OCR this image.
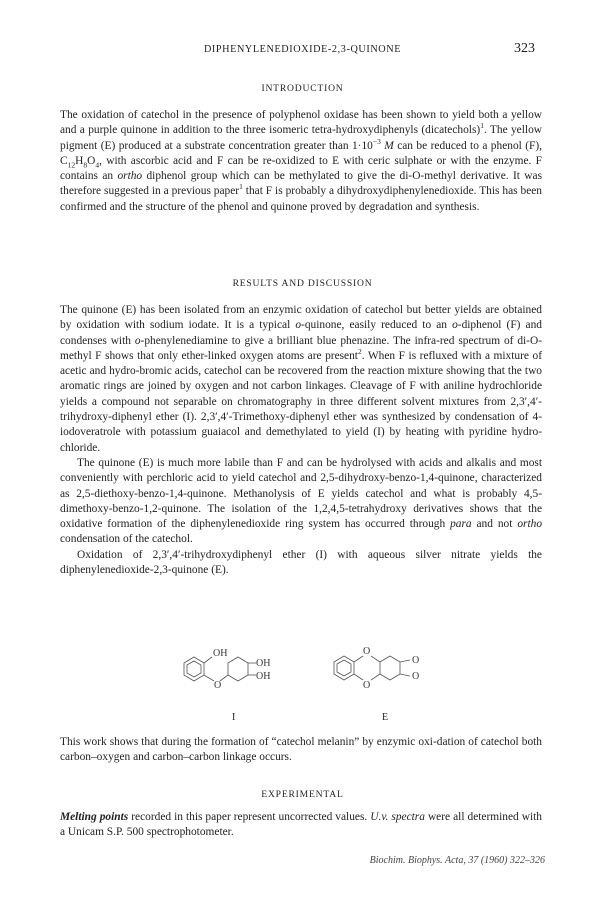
DIPHENYLENEDIOXIDE-2,3-QUINONE	323
INTRODUCTION

The oxidation of catechol in the presence of polyphenol oxidase has been shown to yield both a yellow and a purple quinone in addition to the three isomeric tetra-hydroxydiphenyls (dicatechols)$^1$. The yellow pigment (E) produced at a substrate concentration greater than $1\cdot 10^{-3}$ M can be reduced to a phenol (F), $C_{12}H_8O_4$, with ascorbic acid and F can be re-oxidized to E with ceric sulphate or with the enzyme. F contains an ortho diphenol group which can be methylated to give the di-O-methyl derivative. It was therefore suggested in a previous paper$^1$ that F is probably a dihydroxydiphenylenedioxide. This has been confirmed and the structure of the phenol and quinone proved by degradation and synthesis.

RESULTS AND DISCUSSION

The quinone (E) has been isolated from an enzymic oxidation of catechol but better yields are obtained by oxidation with sodium iodate. It is a typical o-quinone, easily reduced to an o-diphenol (F) and condenses with o-phenylenediamine to give a brilliant blue phenazine. The infra-red spectrum of di-O-methyl F shows that only ether-linked oxygen atoms are present$^2$. When F is refluxed with a mixture of acetic and hydro-bromic acids, catechol can be recovered from the reaction mixture showing that the two aromatic rings are joined by oxygen and not carbon linkages. Cleavage of F with aniline hydrochloride yields a compound not separable on chromatography in three different solvent mixtures from 2,3′,4′-trihydroxy-diphenyl ether (I). 2,3′,4′-Trimethoxy-diphenyl ether was synthesized by condensation of 4-iodoveratrole with potassium guaiacol and demethylated to yield (I) by heating with pyridine hydro-chloride.

The quinone (E) is much more labile than F and can be hydrolysed with acids and alkalis and most conveniently with perchloric acid to yield catechol and 2,5-dihydroxy-benzo-1,4-quinone, characterized as 2,5-diethoxy-benzo-1,4-quinone. Methanolysis of E yields catechol and what is probably 4,5-dimethoxy-benzo-1,2-quinone. The isolation of the 1,2,4,5-tetrahydroxy derivatives shows that the oxidative formation of the diphenylenedioxide ring system has occurred through para and not ortho condensation of the catechol.

Oxidation of 2,3′,4′-trihydroxydiphenyl ether (I) with aqueous silver nitrate yields the diphenylenedioxide-2,3-quinone (E).

OH
OH
OH
O
I
O
O
O
O
E

This work shows that during the formation of “catechol melanin” by enzymic oxi-dation of catechol both carbon–oxygen and carbon–carbon linkage occurs.

EXPERIMENTAL

Melting points recorded in this paper represent uncorrected values. U.v. spectra were all determined with a Unicam S.P. 500 spectrophotometer.

Biochim. Biophys. Acta, 37 (1960) 322–326
